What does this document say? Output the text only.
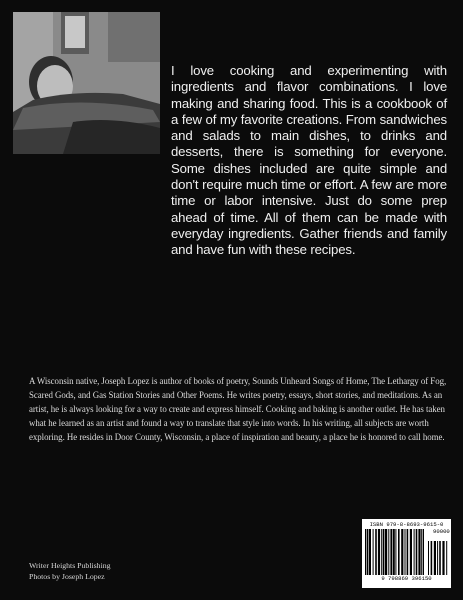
I love cooking and experimenting with ingredients and flavor combinations. I love making and sharing food. This is a cookbook of a few of my favorite creations. From sandwiches and salads to main dishes, to drinks and desserts, there is something for everyone. Some dishes included are quite simple and don't require much time or effort. A few are more time or labor intensive. Just do some prep ahead of time. All of them can be made with everyday ingredients. Gather friends and family and have fun with these recipes.
A Wisconsin native, Joseph Lopez is author of books of poetry, Sounds Unheard Songs of Home, The Lethargy of Fog, Scared Gods, and Gas Station Stories and Other Poems. He writes poetry, essays, short stories, and meditations. As an artist, he is always looking for a way to create and express himself. Cooking and baking is another outlet. He has taken what he learned as an artist and found a way to translate that style into words. In his writing, all subjects are worth exploring. He resides in Door County, Wisconsin, a place of inspiration and beauty, a place he is honored to call home.
ISBN 979-8-8693-9615-0
9 798869 396150
90000
Writer Heights Publishing
Photos by Joseph Lopez
